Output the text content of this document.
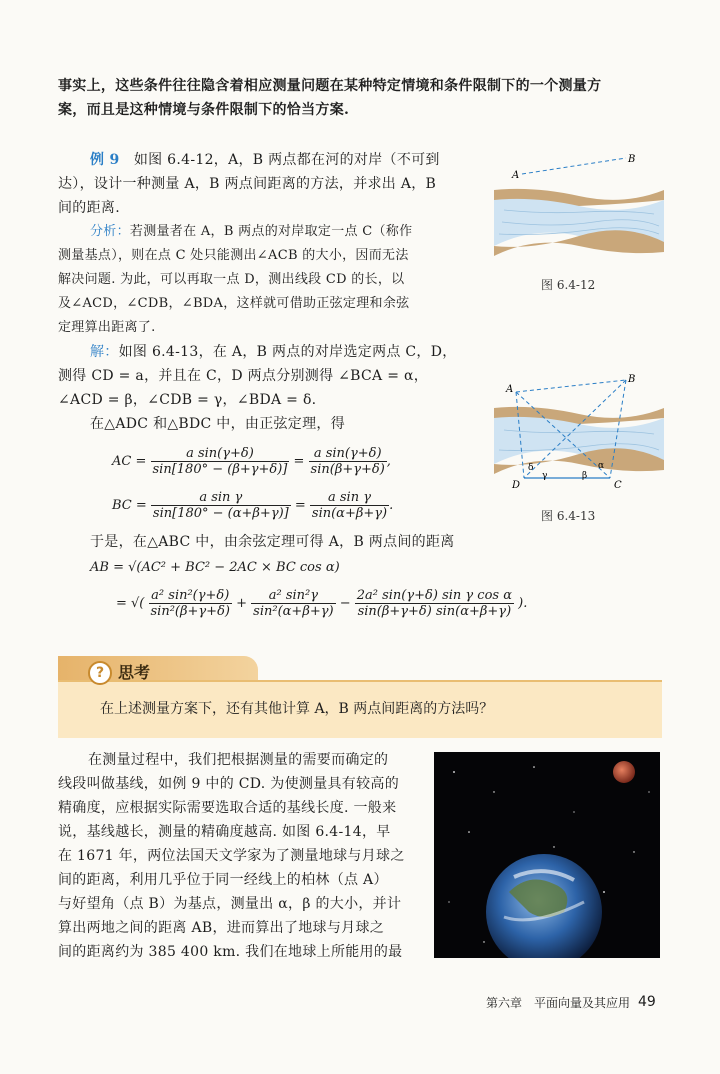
事实上，这些条件往往隐含着相应测量问题在某种特定情境和条件限制下的一个测量方
案，而且是这种情境与条件限制下的恰当方案.
例 9　 如图 6.4-12，A，B 两点都在河的对岸（不可到
达），设计一种测量 A，B 两点间距离的方法，并求出 A，B
间的距离.
分析：若测量者在 A，B 两点的对岸取定一点 C（称作
测量基点），则在点 C 处只能测出∠ACB 的大小，因而无法
解决问题. 为此，可以再取一点 D，测出线段 CD 的长，以
及∠ACD，∠CDB，∠BDA，这样就可借助正弦定理和余弦
定理算出距离了.
解：如图 6.4-13，在 A，B 两点的对岸选定两点 C，D，
测得 CD = a，并且在 C，D 两点分别测得 ∠BCA = α，
∠ACD = β，∠CDB = γ，∠BDA = δ.
在△ADC 和△BDC 中，由正弦定理，得
A
B
图 6.4-12
A
B
D	C
δ
γ	β
α
图 6.4-13
AC = $\frac{\text{a sin(γ+δ)}}{\sin[180^\circ - (\beta+\gamma+\delta)]} = \frac{\text{a sin(γ+δ)}}{\sin(\beta+\gamma+\delta)}$ ,
BC = $\frac{\text{a sin γ}}{\sin[180^\circ - (\alpha+\beta+\gamma)]} = \frac{\text{a sin γ}}{\sin(\alpha+\beta+\gamma)}$ .
于是，在△ABC 中，由余弦定理可得 A，B 两点间的距离
AB = √(AC² + BC² − 2AC × BC cos α)
= √( $\frac{\text{a² sin²(γ+δ)}}{\text{sin²(β+γ+δ)}} + \frac{\text{a² sin²γ}}{\text{sin²(α+β+γ)}} - \frac{\text{2a² sin(γ+δ) sin γ cos α}}{\sin(\beta+\gamma+\delta) \sin(\alpha+\beta+\gamma)}$ ).
? 思考
在上述测量方案下，还有其他计算 A，B 两点间距离的方法吗？
在测量过程中，我们把根据测量的需要而确定的
线段叫做基线，如例 9 中的 CD. 为使测量具有较高的
精确度，应根据实际需要选取合适的基线长度. 一般来
说，基线越长，测量的精确度越高. 如图 6.4-14，早
在 1671 年，两位法国天文学家为了测量地球与月球之
间的距离，利用几乎位于同一经线上的柏林（点 A）
与好望角（点 B）为基点，测量出 α，β 的大小，并计
算出两地之间的距离 AB，进而算出了地球与月球之
间的距离约为 385 400 km. 我们在地球上所能用的最
第六章　平面向量及其应用 49
